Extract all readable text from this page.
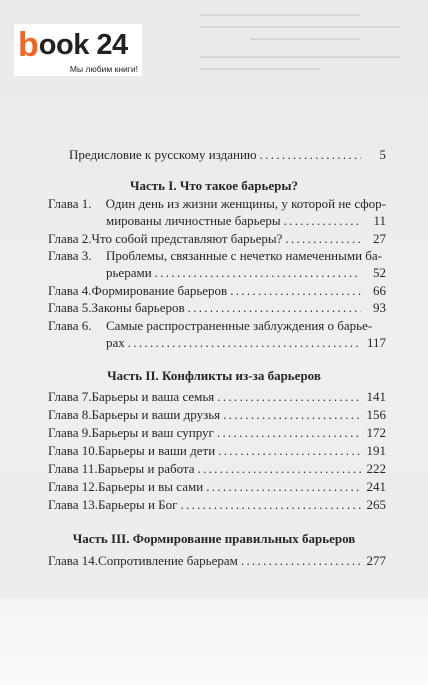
b ook 24
Мы любим книги!
Предисловие к русскому изданию .....	5
Часть I. Что такое барьеры?
Глава 1.	Один день из жизни женщины, у которой не сфор-
мированы личностные барьеры .....	11
Глава 2. Что собой представляют барьеры? .....	27
Глава 3.	Проблемы, связанные с нечетко намеченными ба-
рьерами .....	52
Глава 4. Формирование барьеров .....	66
Глава 5. Законы барьеров .....	93
Глава 6.	Самые распространенные заблуждения о барье-
рах .....	117
Часть II. Конфликты из-за барьеров
Глава 7. Барьеры и ваша семья .....	141
Глава 8. Барьеры и ваши друзья .....	156
Глава 9. Барьеры и ваш супруг .....	172
Глава 10. Барьеры и ваши дети .....	191
Глава 11. Барьеры и работа .....	222
Глава 12. Барьеры и вы сами .....	241
Глава 13. Барьеры и Бог .....	265
Часть III. Формирование правильных барьеров
Глава 14. Сопротивление барьерам .....	277
